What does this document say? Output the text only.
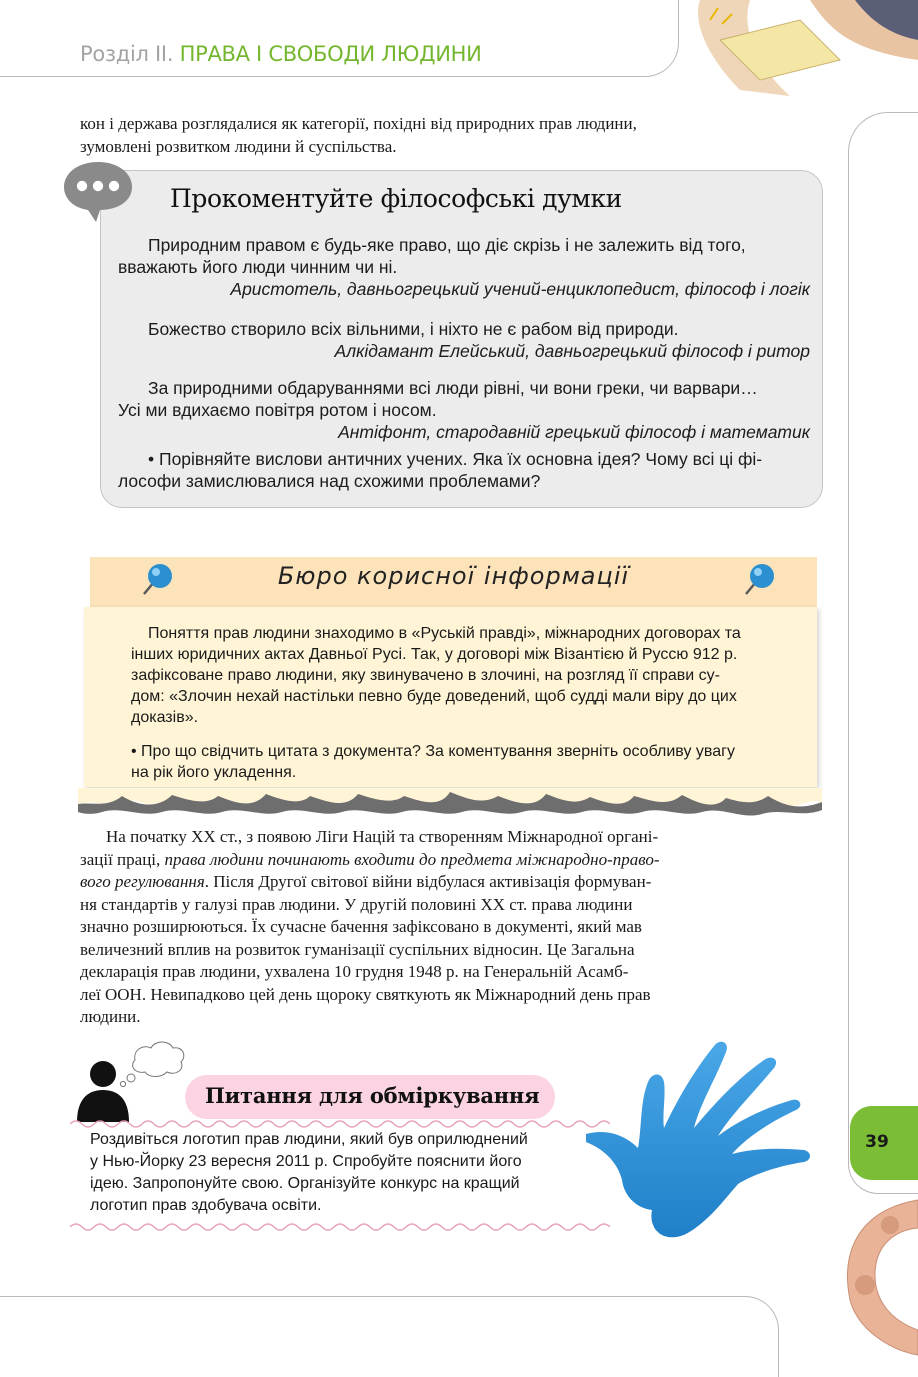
Розділ ІІ. ПРАВА І СВОБОДИ ЛЮДИНИ
кон і держава розглядалися як категорії, похідні від природних прав людини,
зумовлені розвитком людини й суспільства.
Прокоментуйте філософські думки
Природним правом є будь-яке право, що діє скрізь і не залежить від того,
вважають його люди чинним чи ні.
Аристотель, давньогрецький учений-енциклопедист, філософ і логік
Божество створило всіх вільними, і ніхто не є рабом від природи.
Алкідамант Елейський, давньогрецький філософ і ритор
За природними обдаруваннями всі люди рівні, чи вони греки, чи варвари…
Усі ми вдихаємо повітря ротом і носом.
Антіфонт, стародавній грецький філософ і математик
• Порівняйте вислови античних учених. Яка їх основна ідея? Чому всі ці фі-
лософи замислювалися над схожими проблемами?
Бюро корисної інформації
Поняття прав людини знаходимо в «Руській правді», міжнародних договорах та
інших юридичних актах Давньої Русі. Так, у договорі між Візантією й Руссю 912 р.
зафіксоване право людини, яку звинувачено в злочині, на розгляд її справи су-
дом: «Злочин нехай настільки певно буде доведений, щоб судді мали віру до цих
доказів».
• Про що свідчить цитата з документа? За коментування зверніть особливу увагу
на рік його укладення.
На початку XX ст., з появою Ліги Націй та створенням Міжнародної органі-
зації праці, права людини починають входити до предмета міжнародно-право-
вого регулювання. Після Другої світової війни відбулася активізація формуван-
ня стандартів у галузі прав людини. У другій половині XX ст. права людини
значно розширюються. Їх сучасне бачення зафіксовано в документі, який мав
величезний вплив на розвиток гуманізації суспільних відносин. Це Загальна
декларація прав людини, ухвалена 10 грудня 1948 р. на Генеральній Асамб-
леї ООН. Невипадково цей день щороку святкують як Міжнародний день прав
людини.
Питання для обміркування
Роздивіться логотип прав людини, який був оприлюднений
у Нью-Йорку 23 вересня 2011 р. Спробуйте пояснити його
ідею. Запропонуйте свою. Організуйте конкурс на кращий
логотип прав здобувача освіти.
39
